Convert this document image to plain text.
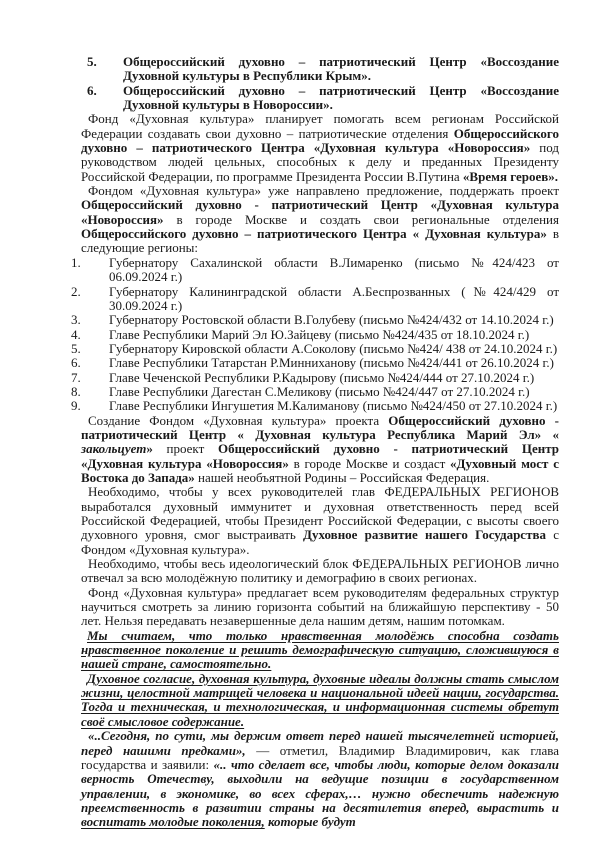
5. Общероссийский духовно – патриотический Центр «Воссоздание Духовной культуры в Республики Крым».
6. Общероссийский духовно – патриотический Центр «Воссоздание Духовной культуры в Новороссии».
Фонд «Духовная культура» планирует помогать всем регионам Российской Федерации создавать свои духовно – патриотические отделения Общероссийского духовно – патриотического Центра «Духовная культура «Новороссия» под руководством людей цельных, способных к делу и преданных Президенту Российской Федерации, по программе Президента России В.Путина «Время героев».
Фондом «Духовная культура» уже направлено предложение, поддержать проект Общероссийский духовно - патриотический Центр «Духовная культура «Новороссия» в городе Москве и создать свои региональные отделения Общероссийского духовно – патриотического Центра « Духовная культура» в следующие регионы:
1. Губернатору Сахалинской области В.Лимаренко (письмо №424/423 от 06.09.2024 г.)
2. Губернатору Калининградской области А.Беспрозванных (№424/429 от 30.09.2024 г.)
3. Губернатору Ростовской области В.Голубеву (письмо №424/432 от 14.10.2024 г.)
4. Главе Республики Марий Эл Ю.Зайцеву (письмо №424/435 от 18.10.2024 г.)
5. Губернатору Кировской области А.Соколову (письмо №424/ 438 от 24.10.2024 г.)
6. Главе Республики Татарстан Р.Минниханову (письмо №424/441 от 26.10.2024 г.)
7. Главе Чеченской Республики Р.Кадырову (письмо №424/444 от 27.10.2024 г.)
8. Главе Республики Дагестан С.Меликову (письмо №424/447 от 27.10.2024 г.)
9. Главе Республики Ингушетия М.Калиманову (письмо №424/450 от 27.10.2024 г.)
Создание Фондом «Духовная культура» проекта Общероссийский духовно - патриотический Центр « Духовная культура Республика Марий Эл» « закольцует» проект Общероссийский духовно - патриотический Центр «Духовная культура «Новороссия» в городе Москве и создаст «Духовный мост с Востока до Запада» нашей необъятной Родины – Российская Федерация.
Необходимо, чтобы у всех руководителей глав ФЕДЕРАЛЬНЫХ РЕГИОНОВ выработался духовный иммунитет и духовная ответственность перед всей Российской Федерацией, чтобы Президент Российской Федерации, с высоты своего духовного уровня, смог выстраивать Духовное развитие нашего Государства с Фондом «Духовная культура».
Необходимо, чтобы весь идеологический блок ФЕДЕРАЛЬНЫХ РЕГИОНОВ лично отвечал за всю молодёжную политику и демографию в своих регионах.
Фонд «Духовная культура» предлагает всем руководителям федеральных структур научиться смотреть за линию горизонта событий на ближайшую перспективу - 50 лет. Нельзя передавать незавершенные дела нашим детям, нашим потомкам.
Мы считаем, что только нравственная молодёжь способна создать нравственное поколение и решить демографическую ситуацию, сложившуюся в нашей стране, самостоятельно.
Духовное согласие, духовная культура, духовные идеалы должны стать смыслом жизни, целостной матрицей человека и национальной идеей нации, государства. Тогда и техническая, и технологическая, и информационная системы обретут своё смысловое содержание.
«..Сегодня, по сути, мы держим ответ перед нашей тысячелетней историей, перед нашими предками», — отметил, Владимир Владимирович, как глава государства и заявили: «.. что сделает все, чтобы люди, которые делом доказали верность Отечеству, выходили на ведущие позиции в государственном управлении, в экономике, во всех сферах,… нужно обеспечить надежную преемственность в развитии страны на десятилетия вперед, вырастить и воспитать молодые поколения, которые будут
